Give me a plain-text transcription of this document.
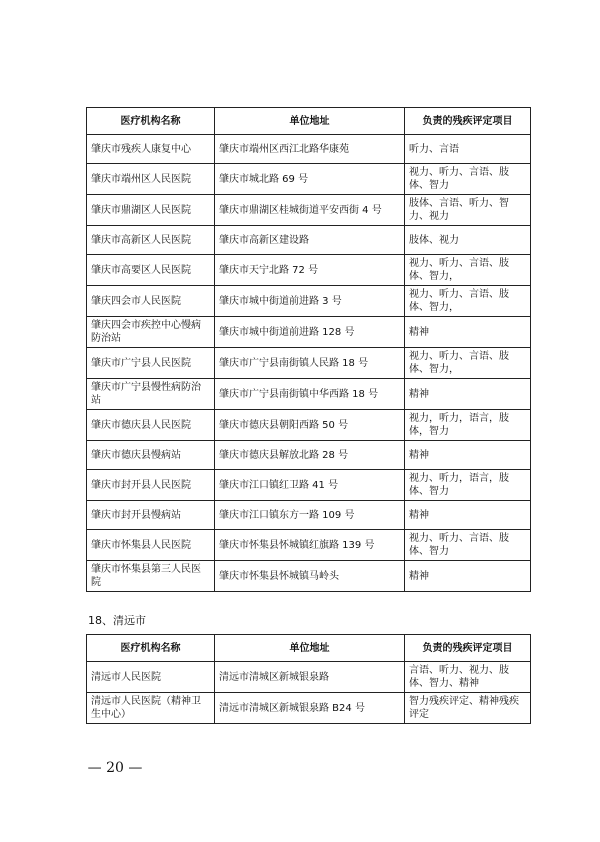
医疗机构名称	单位地址	负责的残疾评定项目
肇庆市残疾人康复中心	肇庆市端州区西江北路华康苑	听力、言语
肇庆市端州区人民医院	肇庆市城北路 69 号	视力、听力、言语、肢体、智力
肇庆市鼎湖区人民医院	肇庆市鼎湖区桂城街道平安西街 4 号	肢体、言语、听力、智力、视力
肇庆市高新区人民医院	肇庆市高新区建设路	肢体、视力
肇庆市高要区人民医院	肇庆市天宁北路 72 号	视力、听力、言语、肢体、智力，
肇庆四会市人民医院	肇庆市城中街道前进路 3 号	视力、听力、言语、肢体、智力，
肇庆四会市疾控中心慢病防治站	肇庆市城中街道前进路 128 号	精神
肇庆市广宁县人民医院	肇庆市广宁县南街镇人民路 18 号	视力、听力、言语、肢体、智力，
肇庆市广宁县慢性病防治站	肇庆市广宁县南街镇中华西路 18 号	精神
肇庆市德庆县人民医院	肇庆市德庆县朝阳西路 50 号	视力，听力，语言，肢体，智力
肇庆市德庆县慢病站	肇庆市德庆县解放北路 28 号	精神
肇庆市封开县人民医院	肇庆市江口镇红卫路 41 号	视力、听力，语言，肢体、智力
肇庆市封开县慢病站	肇庆市江口镇东方一路 109 号	精神
肇庆市怀集县人民医院	肇庆市怀集县怀城镇红旗路 139 号	视力、听力、言语、肢体、智力
肇庆市怀集县第三人民医院	肇庆市怀集县怀城镇马岭头	精神
18、清远市
医疗机构名称	单位地址	负责的残疾评定项目
清远市人民医院	清远市清城区新城银泉路	言语、听力、视力、肢体、智力、精神
清远市人民医院（精神卫生中心）	清远市清城区新城银泉路 B24 号	智力残疾评定、精神残疾评定
— 20 —
